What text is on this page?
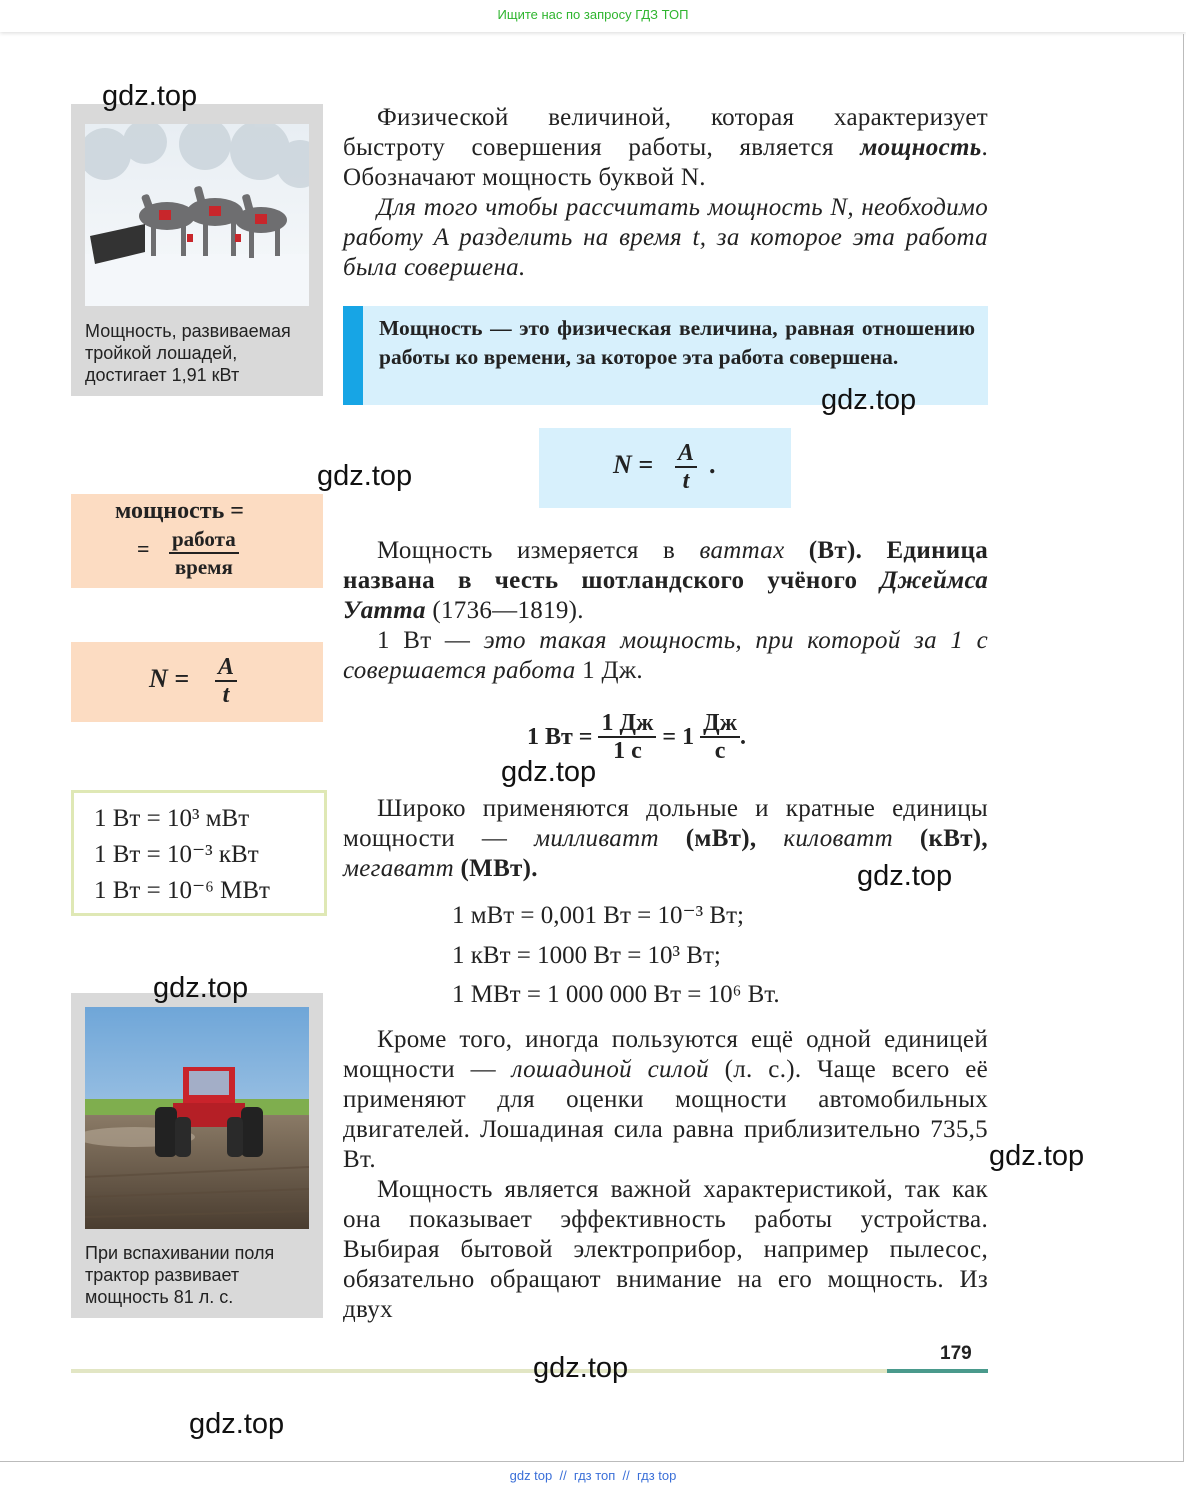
Ищите нас по запросу ГДЗ ТОП
Мощность, развиваемая тройкой лошадей, достигает 1,91 кВт
мощность =
= работа
время
$N = \frac{A}{t}$
1 Вт = 10³ мВт
1 Вт = 10⁻³ кВт
1 Вт = 10⁻⁶ МВт
При вспахивании поля трактор развивает мощность 81 л. с.
Физической величиной, которая характеризует быстроту совершения работы, является мощность. Обозначают мощность буквой N.
Для того чтобы рассчитать мощность N, необходимо работу A разделить на время t, за которое эта работа была совершена.
Мощность — это физическая величина, равная отношению работы ко времени, за которое эта работа совершена.
$N = \frac{A}{t}$ .
Мощность измеряется в ваттах (Вт). Единица названа в честь шотландского учёного Джеймса Уатта (1736—1819).
1 Вт — это такая мощность, при которой за 1 с совершается работа 1 Дж.
1 Вт = $\frac{1 Дж}{1 с} = 1 \frac{Дж}{с}$ .
Широко применяются дольные и кратные единицы мощности — милливатт (мВт), киловатт (кВт), мегаватт (МВт).
1 мВт = 0,001 Вт = 10⁻³ Вт;
1 кВт = 1000 Вт = 10³ Вт;
1 МВт = 1 000 000 Вт = 10⁶ Вт.
Кроме того, иногда пользуются ещё одной единицей мощности — лошадиной силой (л. с.). Чаще всего её применяют для оценки мощности автомобильных двигателей. Лошадиная сила равна приблизительно 735,5 Вт.
Мощность является важной характеристикой, так как она показывает эффективность работы устройства. Выбирая бытовой электроприбор, например пылесос, обязательно обращают внимание на его мощность. Из двух
179
gdz.top
gdz.top
gdz.top
gdz.top
gdz.top
gdz.top
gdz.top
gdz.top
gdz.top
gdz top  //  гдз топ  //  гдз top
